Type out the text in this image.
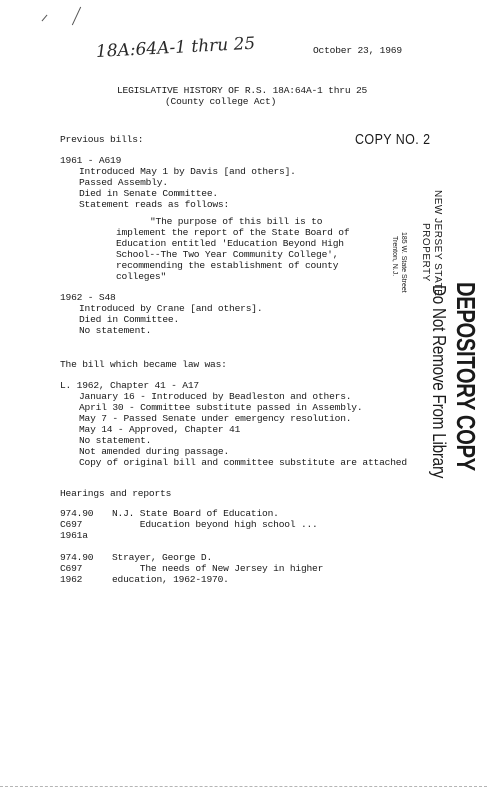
18A:64A-1 thru 25	October 23, 1969
LEGISLATIVE HISTORY OF R.S. 18A:64A-1 thru 25
(County college Act)
COPY NO. 2
Previous bills:
1961 - A619
Introduced May 1 by Davis [and others].
Passed Assembly.
Died in Senate Committee.
Statement reads as follows:
"The purpose of this bill is to
implement the report of the State Board of
Education entitled 'Education Beyond High
School--The Two Year Community College',
recommending the establishment of county
colleges"
1962 - S48
Introduced by Crane [and others].
Died in Committee.
No statement.
The bill which became law was:
L. 1962, Chapter 41 - A17
January 16 - Introduced by Beadleston and others.
April 30 - Committee substitute passed in Assembly.
May 7 - Passed Senate under emergency resolution.
May 14 - Approved, Chapter 41
No statement.
Not amended during passage.
Copy of original bill and committee substitute are attached
Hearings and reports
974.90
C697
1961a
N.J. State Board of Education.
Education beyond high school ...
974.90
C697
1962
Strayer, George D.
The needs of New Jersey in higher
education, 1962-1970.
DEPOSITORY COPY
Do Not Remove From Library
PROPERTY NEW JERSEY STATE
185 W. State Street
Trenton, N.J.
